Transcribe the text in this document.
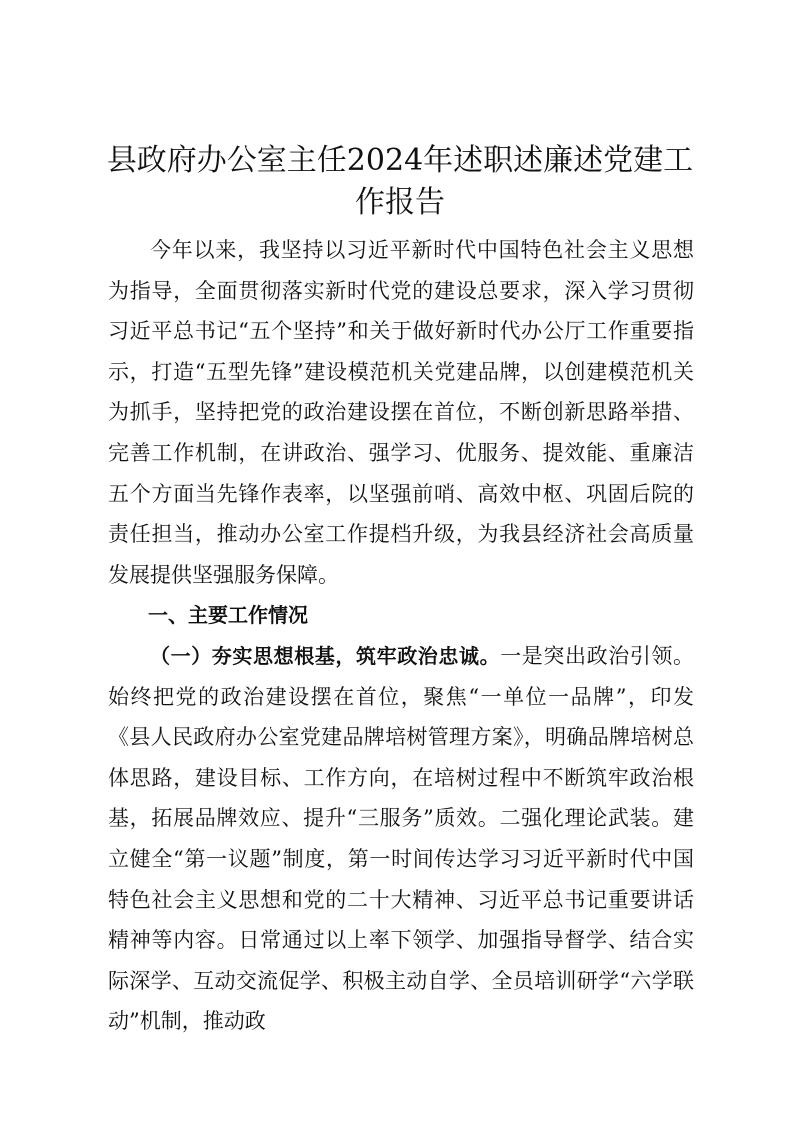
县政府办公室主任2024年述职述廉述党建工作报告

今年以来，我坚持以习近平新时代中国特色社会主义思想为指导，全面贯彻落实新时代党的建设总要求，深入学习贯彻习近平总书记“五个坚持”和关于做好新时代办公厅工作重要指示，打造“五型先锋”建设模范机关党建品牌，以创建模范机关为抓手，坚持把党的政治建设摆在首位，不断创新思路举措、完善工作机制，在讲政治、强学习、优服务、提效能、重廉洁五个方面当先锋作表率，以坚强前哨、高效中枢、巩固后院的责任担当，推动办公室工作提档升级，为我县经济社会高质量发展提供坚强服务保障。

一、主要工作情况

（一）夯实思想根基，筑牢政治忠诚。一是突出政治引领。始终把党的政治建设摆在首位，聚焦“一单位一品牌”，印发《县人民政府办公室党建品牌培树管理方案》，明确品牌培树总体思路，建设目标、工作方向，在培树过程中不断筑牢政治根基，拓展品牌效应、提升“三服务”质效。二强化理论武装。建立健全“第一议题”制度，第一时间传达学习习近平新时代中国特色社会主义思想和党的二十大精神、习近平总书记重要讲话精神等内容。日常通过以上率下领学、加强指导督学、结合实际深学、互动交流促学、积极主动自学、全员培训研学“六学联动”机制，推动政
